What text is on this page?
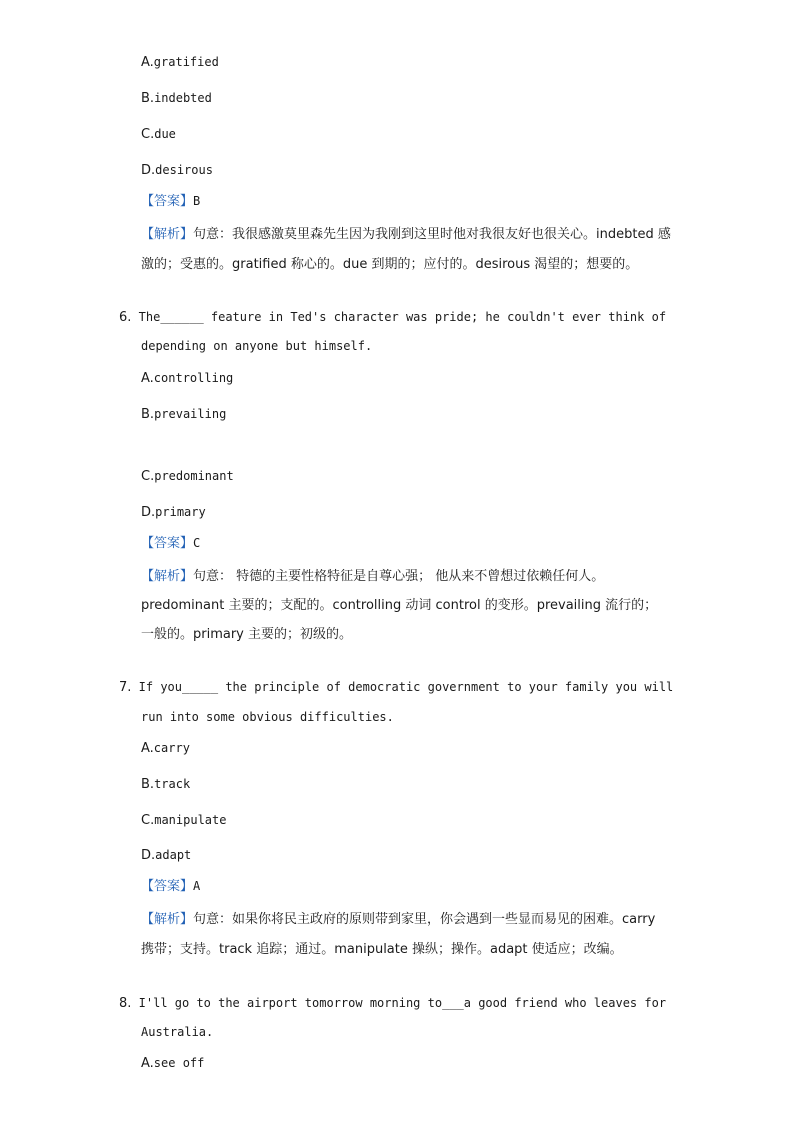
A.gratified
B.indebted
C.due
D.desirous
【答案】B
【解析】句意：我很感激莫里森先生因为我刚到这里时他对我很友好也很关心。indebted 感
激的；受惠的。gratified 称心的。due 到期的；应付的。desirous 渴望的；想要的。
6. The______ feature in Ted's character was pride; he couldn't ever think of
depending on anyone but himself.
A.controlling
B.prevailing
C.predominant
D.primary
【答案】C
【解析】句意： 特德的主要性格特征是自尊心强； 他从来不曾想过依赖任何人。
predominant 主要的；支配的。controlling 动词 control 的变形。prevailing 流行的；
一般的。primary 主要的；初级的。
7. If you_____ the principle of democratic government to your family you will
run into some obvious difficulties.
A.carry
B.track
C.manipulate
D.adapt
【答案】A
【解析】句意：如果你将民主政府的原则带到家里，你会遇到一些显而易见的困难。carry
携带；支持。track 追踪；通过。manipulate 操纵；操作。adapt 使适应；改编。
8. I'll go to the airport tomorrow morning to___a good friend who leaves for
Australia.
A.see off
